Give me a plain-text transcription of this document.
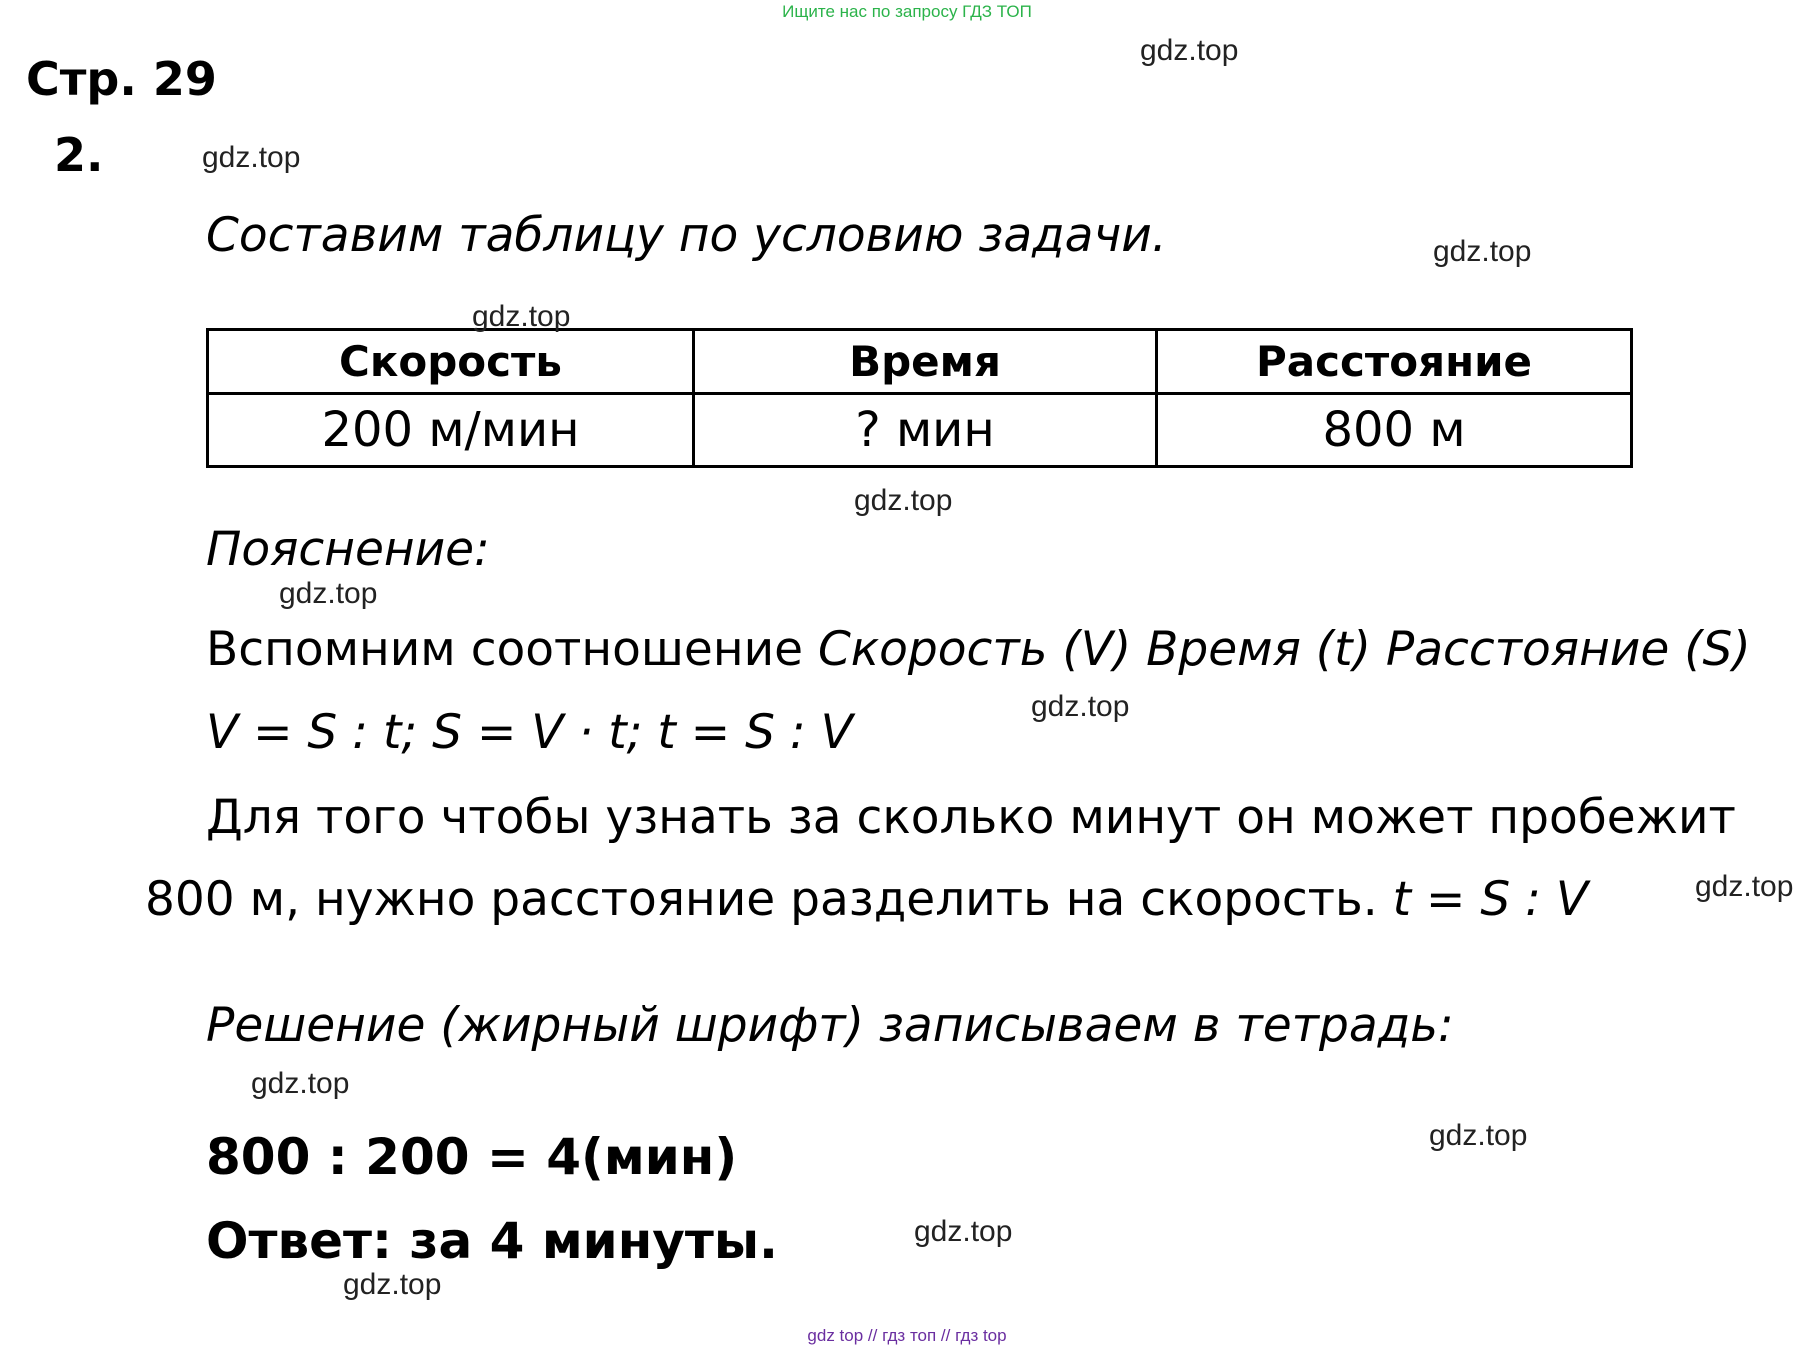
Ищите нас по запросу ГДЗ ТОП
Стр. 29
2.
Составим таблицу по условию задачи.
Скорость	Время	Расстояние
200 м/мин	? мин	800 м
Пояснение:
Вспомним соотношение Скорость (V) Время (t) Расстояние (S)
V = S : t; S = V · t; t = S : V
Для того чтобы узнать за сколько минут он может пробежит
800 м, нужно расстояние разделить на скорость. t = S : V
Решение (жирный шрифт) записываем в тетрадь:
800 : 200 = 4(мин)
Ответ: за 4 минуты.
gdz.top
gdz.top
gdz.top
gdz.top
gdz.top
gdz.top
gdz.top
gdz.top
gdz.top
gdz.top
gdz.top
gdz.top
gdz top // гдз топ // гдз top
